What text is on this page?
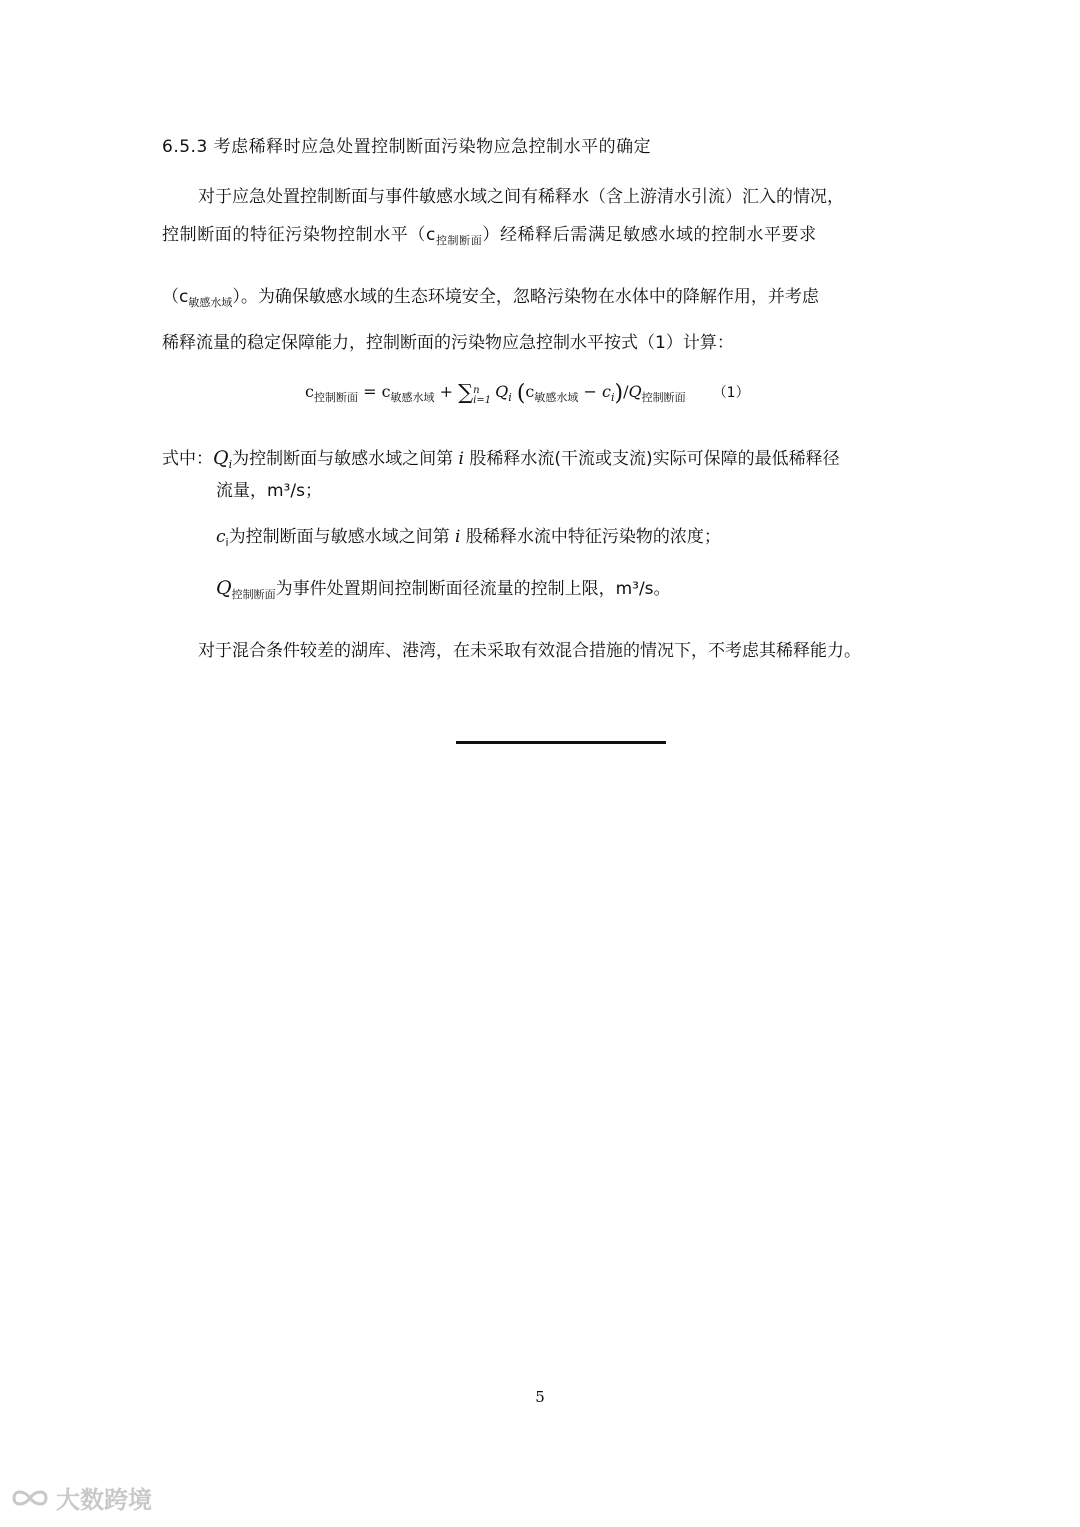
6.5.3 考虑稀释时应急处置控制断面污染物应急控制水平的确定
对于应急处置控制断面与事件敏感水域之间有稀释水（含上游清水引流）汇入的情况，
控制断面的特征污染物控制水平$(c_{控制断面})$经稀释后需满足敏感水域的控制水平要求
$(c_{敏感水域})$。为确保敏感水域的生态环境安全，忽略污染物在水体中的降解作用，并考虑
稀释流量的稳定保障能力，控制断面的污染物应急控制水平按式（1）计算：
$c_{控制断面} = c_{敏感水域} + \sum n$
i=1 $Q_i$ $(c_{敏感水域} - c_i)/Q_{控制断面}$ （1）
式中：$Q_i$为控制断面与敏感水域之间第 i 股稀释水流(干流或支流)实际可保障的最低稀释径
流量，m³/s；
$c_i$为控制断面与敏感水域之间第 i 股稀释水流中特征污染物的浓度；
$Q_{控制断面}$为事件处置期间控制断面径流量的控制上限，m³/s。
对于混合条件较差的湖库、港湾，在未采取有效混合措施的情况下，不考虑其稀释能力。
5
大数跨境
